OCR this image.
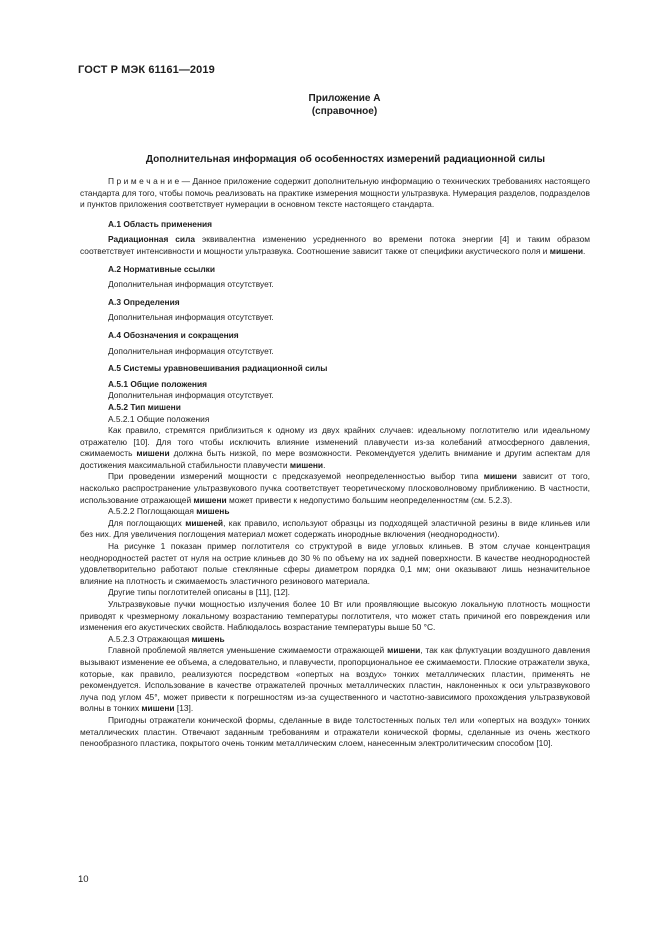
ГОСТ Р МЭК 61161—2019
Приложение А
(справочное)
Дополнительная информация об особенностях измерений радиационной силы

П р и м е ч а н и е — Данное приложение содержит дополнительную информацию о технических требованиях настоящего стандарта для того, чтобы помочь реализовать на практике измерения мощности ультразвука. Нумерация разделов, подразделов и пунктов приложения соответствует нумерации в основном тексте настоящего стандарта.

А.1 Область применения

Радиационная сила эквивалентна изменению усредненного во времени потока энергии [4] и таким образом соответствует интенсивности и мощности ультразвука. Соотношение зависит также от специфики акустического поля и мишени.

А.2 Нормативные ссылки

Дополнительная информация отсутствует.

А.3 Определения

Дополнительная информация отсутствует.

А.4 Обозначения и сокращения

Дополнительная информация отсутствует.

А.5 Системы уравновешивания радиационной силы

А.5.1 Общие положения

Дополнительная информация отсутствует.

А.5.2 Тип мишени

А.5.2.1 Общие положения

Как правило, стремятся приблизиться к одному из двух крайних случаев: идеальному поглотителю или идеальному отражателю [10]. Для того чтобы исключить влияние изменений плавучести из-за колебаний атмосферного давления, сжимаемость мишени должна быть низкой, по мере возможности. Рекомендуется уделить внимание и другим аспектам для достижения максимальной стабильности плавучести мишени.

При проведении измерений мощности с предсказуемой неопределенностью выбор типа мишени зависит от того, насколько распространение ультразвукового пучка соответствует теоретическому плосковолновому приближению. В частности, использование отражающей мишени может привести к недопустимо большим неопределенностям (см. 5.2.3).

А.5.2.2 Поглощающая мишень

Для поглощающих мишеней, как правило, используют образцы из подходящей эластичной резины в виде клиньев или без них. Для увеличения поглощения материал может содержать инородные включения (неоднородности).

На рисунке 1 показан пример поглотителя со структурой в виде угловых клиньев. В этом случае концентрация неоднородностей растет от нуля на острие клиньев до 30 % по объему на их задней поверхности. В качестве неоднородностей удовлетворительно работают полые стеклянные сферы диаметром порядка 0,1 мм; они оказывают лишь незначительное влияние на плотность и сжимаемость эластичного резинового материала.

Другие типы поглотителей описаны в [11], [12].

Ультразвуковые пучки мощностью излучения более 10 Вт или проявляющие высокую локальную плотность мощности приводят к чрезмерному локальному возрастанию температуры поглотителя, что может стать причиной его повреждения или изменения его акустических свойств. Наблюдалось возрастание температуры выше 50 °С.

А.5.2.3 Отражающая мишень

Главной проблемой является уменьшение сжимаемости отражающей мишени, так как флуктуации воздушного давления вызывают изменение ее объема, а следовательно, и плавучести, пропорциональное ее сжимаемости. Плоские отражатели звука, которые, как правило, реализуются посредством «опертых на воздух» тонких металлических пластин, применять не рекомендуется. Использование в качестве отражателей прочных металлических пластин, наклоненных к оси ультразвукового луча под углом 45°, может привести к погрешностям из-за существенного и частотно-зависимого прохождения ультразвуковой волны в тонких мишени [13].

Пригодны отражатели конической формы, сделанные в виде толстостенных полых тел или «опертых на воздух» тонких металлических пластин. Отвечают заданным требованиям и отражатели конической формы, сделанные из очень жесткого пенообразного пластика, покрытого очень тонким металлическим слоем, нанесенным электролитическим способом [10].

10
